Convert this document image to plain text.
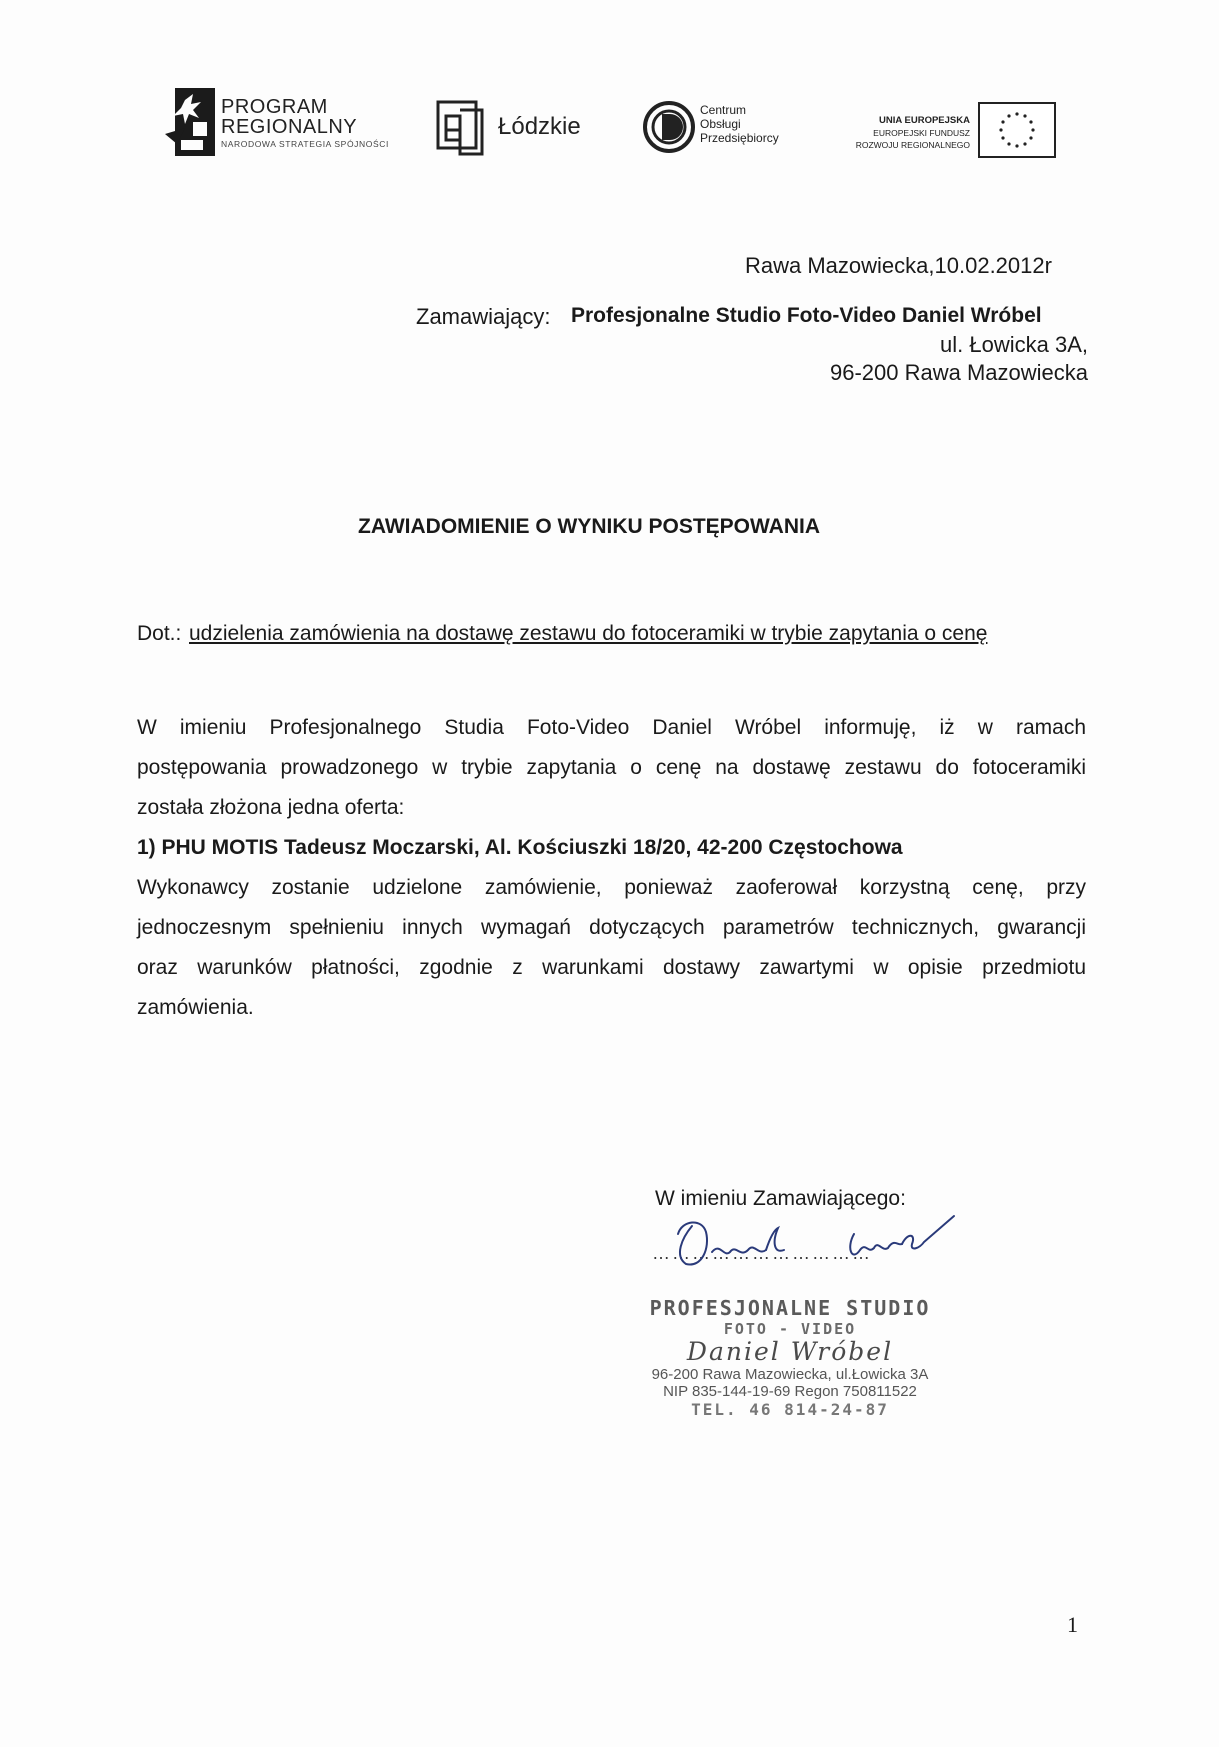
PROGRAM
REGIONALNY
NARODOWA STRATEGIA SPÓJNOŚCI
Łódzkie
Centrum
Obsługi
Przedsiębiorcy
UNIA EUROPEJSKA
EUROPEJSKI FUNDUSZ
ROZWOJU REGIONALNEGO
Rawa Mazowiecka,10.02.2012r
Zamawiający: Profesjonalne Studio Foto-Video Daniel Wróbel
ul. Łowicka 3A,
96-200 Rawa Mazowiecka
ZAWIADOMIENIE O WYNIKU POSTĘPOWANIA
Dot.: udzielenia zamówienia na dostawę zestawu do fotoceramiki w trybie zapytania o cenę
W imieniu Profesjonalnego Studia Foto-Video Daniel Wróbel informuję, iż w ramach
postępowania prowadzonego w trybie zapytania o cenę na dostawę zestawu do fotoceramiki
została złożona jedna oferta:
1) PHU MOTIS Tadeusz Moczarski, Al. Kościuszki 18/20, 42-200 Częstochowa
Wykonawcy zostanie udzielone zamówienie, ponieważ zaoferował korzystną cenę, przy
jednoczesnym spełnieniu innych wymagań dotyczących parametrów technicznych, gwarancji
oraz warunków płatności, zgodnie z warunkami dostawy zawartymi w opisie przedmiotu
zamówienia.
W imieniu Zamawiającego:
……………………………
PROFESJONALNE STUDIO
FOTO - VIDEO
Daniel Wróbel
96-200 Rawa Mazowiecka, ul.Łowicka 3A
NIP 835-144-19-69 Regon 750811522
TEL. 46 814-24-87
1
